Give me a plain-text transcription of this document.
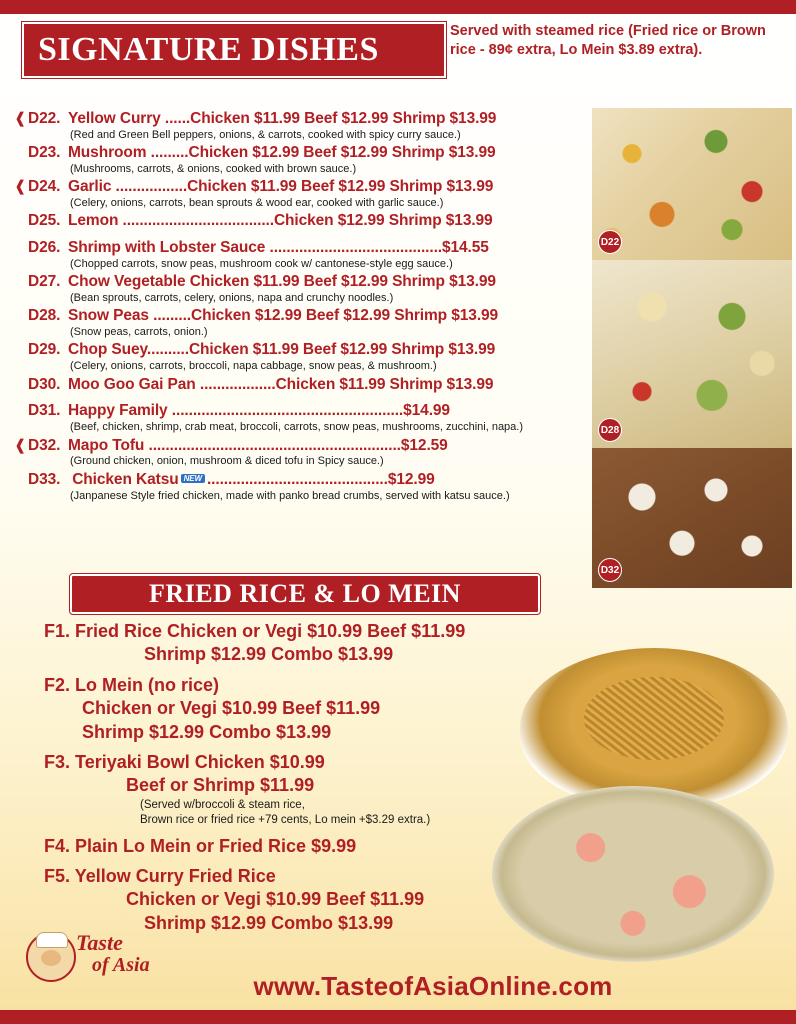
SIGNATURE DISHES	Served with steamed rice (Fried rice or Brown rice - 89¢ extra, Lo Mein $3.89 extra).
❰ D22. Yellow Curry ......Chicken $11.99 Beef $12.99 Shrimp $13.99
(Red and Green Bell peppers, onions, & carrots, cooked with spicy curry sauce.)
D23. Mushroom .........Chicken $12.99 Beef $12.99 Shrimp $13.99
(Mushrooms, carrots, & onions, cooked with brown sauce.)
❰ D24. Garlic .................Chicken $11.99 Beef $12.99 Shrimp $13.99
(Celery, onions, carrots, bean sprouts & wood ear, cooked with garlic sauce.)
D25. Lemon ....................................Chicken $12.99 Shrimp $13.99
D26. Shrimp with Lobster Sauce .........................................$14.55
(Chopped carrots, snow peas, mushroom cook w/ cantonese-style egg sauce.)
D27. Chow Vegetable Chicken $11.99 Beef $12.99 Shrimp $13.99
(Bean sprouts, carrots, celery, onions, napa and crunchy noodles.)
D28. Snow Peas .........Chicken $12.99 Beef $12.99 Shrimp $13.99
(Snow peas, carrots, onion.)
D29. Chop Suey..........Chicken $11.99 Beef $12.99 Shrimp $13.99
(Celery, onions, carrots, broccoli, napa cabbage, snow peas, & mushroom.)
D30. Moo Goo Gai Pan ..................Chicken $11.99 Shrimp $13.99
D31. Happy Family .......................................................$14.99
(Beef, chicken, shrimp, crab meat, broccoli, carrots, snow peas, mushrooms, zucchini, napa.)
❰ D32. Mapo Tofu ............................................................$12.59
(Ground chicken, onion, mushroom & diced tofu in Spicy sauce.)
D33. Chicken Katsu NEW ...........................................$12.99
(Janpanese Style fried chicken, made with panko bread crumbs, served with katsu sauce.)
D22
D28
D32
FRIED RICE & LO MEIN
F1. Fried Rice Chicken or Vegi $10.99 Beef $11.99
Shrimp $12.99 Combo $13.99
F2. Lo Mein (no rice)
Chicken or Vegi $10.99 Beef $11.99
Shrimp $12.99 Combo $13.99
F3. Teriyaki Bowl Chicken $10.99
Beef or Shrimp $11.99
(Served w/broccoli & steam rice,
Brown rice or fried rice +79 cents, Lo mein +$3.29 extra.)
F4. Plain Lo Mein or Fried Rice $9.99
F5. Yellow Curry Fried Rice
Chicken or Vegi $10.99 Beef $11.99
Shrimp $12.99 Combo $13.99
Taste
of Asia
www.TasteofAsiaOnline.com
